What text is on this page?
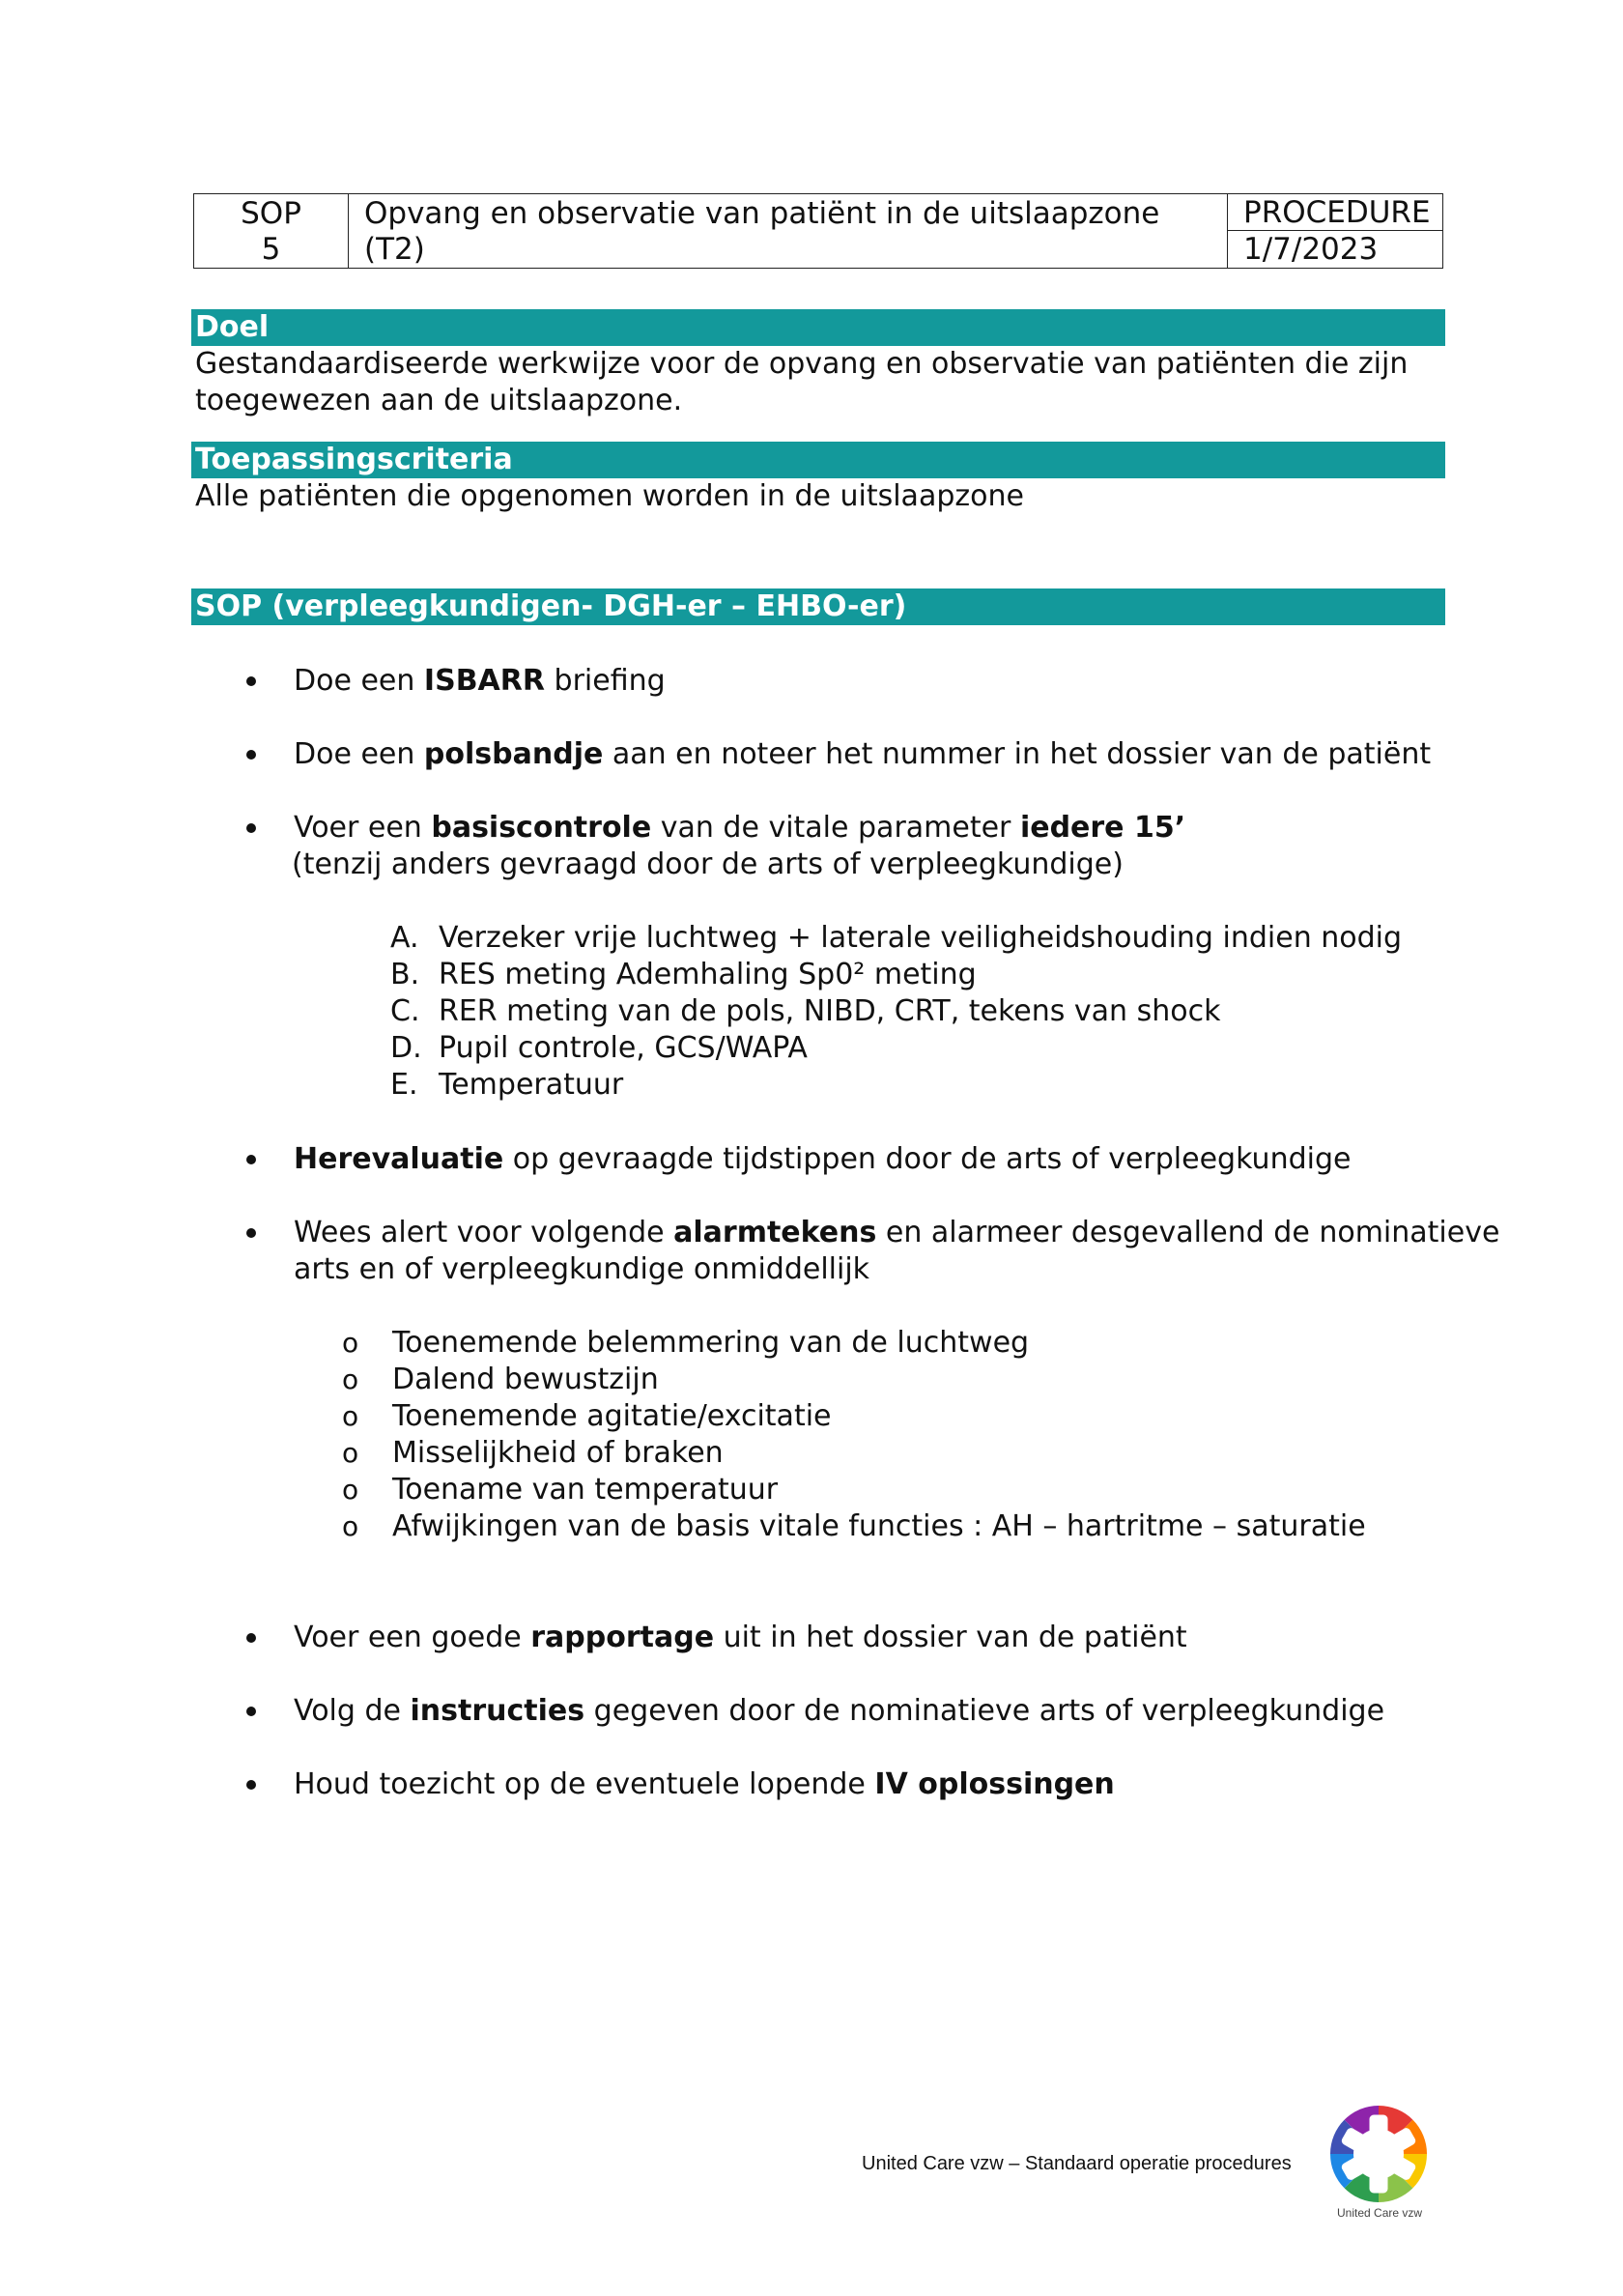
SOP
5
Opvang en observatie van patiënt in de uitslaapzone (T2)
PROCEDURE
1/7/2023
Doel
Gestandaardiseerde werkwijze voor de opvang en observatie van patiënten die zijn
toegewezen aan de uitslaapzone.
Toepassingscriteria
Alle patiënten die opgenomen worden in de uitslaapzone
SOP (verpleegkundigen- DGH-er – EHBO-er)
Doe een ISBARR briefing
Doe een polsbandje aan en noteer het nummer in het dossier van de patiënt
Voer een basiscontrole van de vitale parameter iedere 15’
(tenzij anders gevraagd door de arts of verpleegkundige)
A. Verzeker vrije luchtweg + laterale veiligheidshouding indien nodig
B. RES meting Ademhaling Sp0² meting
C. RER meting van de pols, NIBD, CRT, tekens van shock
D. Pupil controle, GCS/WAPA
E. Temperatuur
Herevaluatie op gevraagde tijdstippen door de arts of verpleegkundige
Wees alert voor volgende alarmtekens en alarmeer desgevallend de nominatieve
arts en of verpleegkundige onmiddellijk
o Toenemende belemmering van de luchtweg
o Dalend bewustzijn
o Toenemende agitatie/excitatie
o Misselijkheid of braken
o Toename van temperatuur
o Afwijkingen van de basis vitale functies : AH – hartritme – saturatie
Voer een goede rapportage uit in het dossier van de patiënt
Volg de instructies gegeven door de nominatieve arts of verpleegkundige
Houd toezicht op de eventuele lopende IV oplossingen
United Care vzw – Standaard operatie procedures
United Care vzw
